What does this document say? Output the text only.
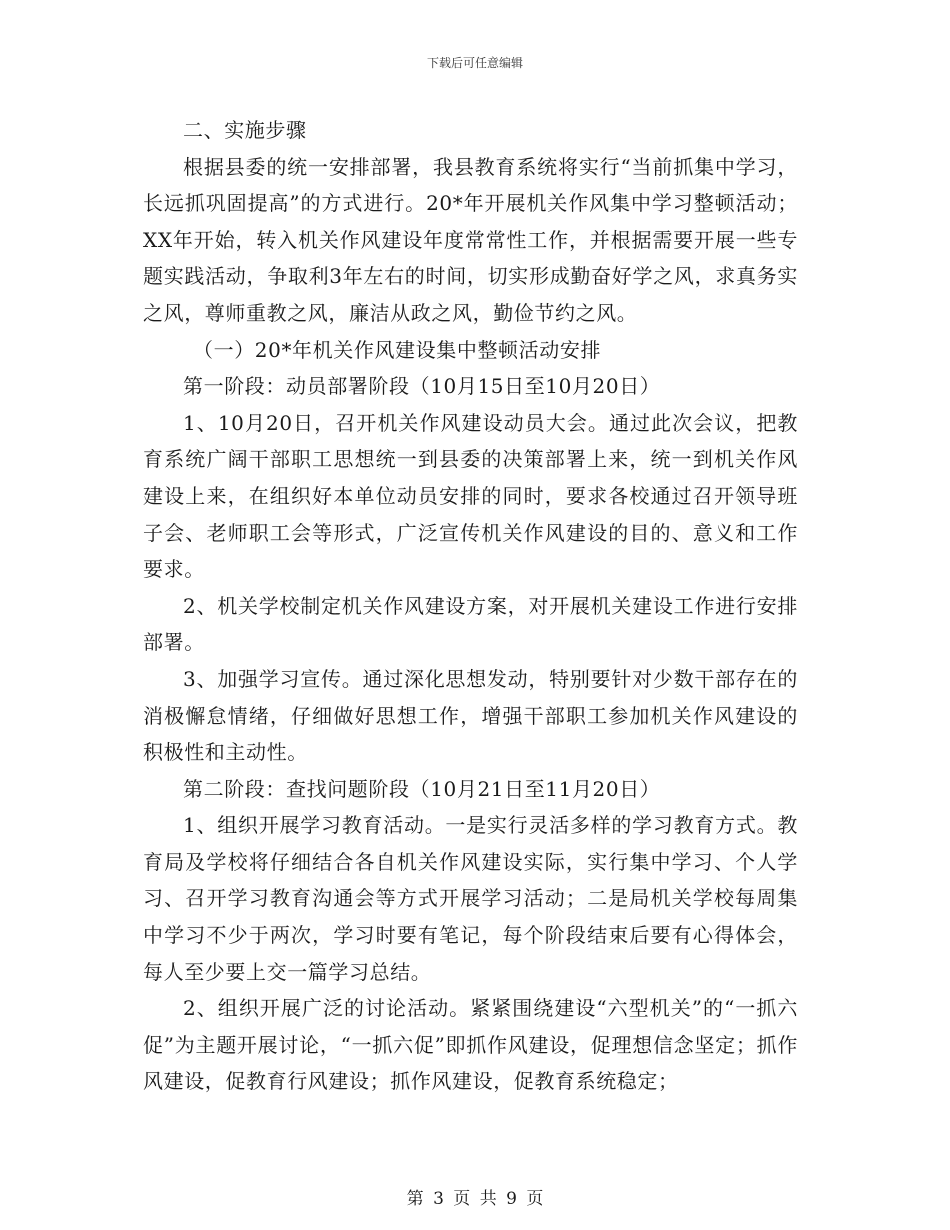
下载后可任意编辑

二、实施步骤

根据县委的统一安排部署，我县教育系统将实行“当前抓集中学习，长远抓巩固提高”的方式进行。20*年开展机关作风集中学习整顿活动；XX年开始，转入机关作风建设年度常常性工作，并根据需要开展一些专题实践活动，争取利3年左右的时间，切实形成勤奋好学之风，求真务实之风，尊师重教之风，廉洁从政之风，勤俭节约之风。

（一）20*年机关作风建设集中整顿活动安排

第一阶段：动员部署阶段（10月15日至10月20日）

1、10月20日，召开机关作风建设动员大会。通过此次会议，把教育系统广阔干部职工思想统一到县委的决策部署上来，统一到机关作风建设上来，在组织好本单位动员安排的同时，要求各校通过召开领导班子会、老师职工会等形式，广泛宣传机关作风建设的目的、意义和工作要求。

2、机关学校制定机关作风建设方案，对开展机关建设工作进行安排部署。

3、加强学习宣传。通过深化思想发动，特别要针对少数干部存在的消极懈怠情绪，仔细做好思想工作，增强干部职工参加机关作风建设的积极性和主动性。

第二阶段：查找问题阶段（10月21日至11月20日）

1、组织开展学习教育活动。一是实行灵活多样的学习教育方式。教育局及学校将仔细结合各自机关作风建设实际，实行集中学习、个人学习、召开学习教育沟通会等方式开展学习活动；二是局机关学校每周集中学习不少于两次，学习时要有笔记，每个阶段结束后要有心得体会，每人至少要上交一篇学习总结。

2、组织开展广泛的讨论活动。紧紧围绕建设“六型机关”的“一抓六促”为主题开展讨论，“一抓六促”即抓作风建设，促理想信念坚定；抓作风建设，促教育行风建设；抓作风建设，促教育系统稳定；

第 3 页 共 9 页
